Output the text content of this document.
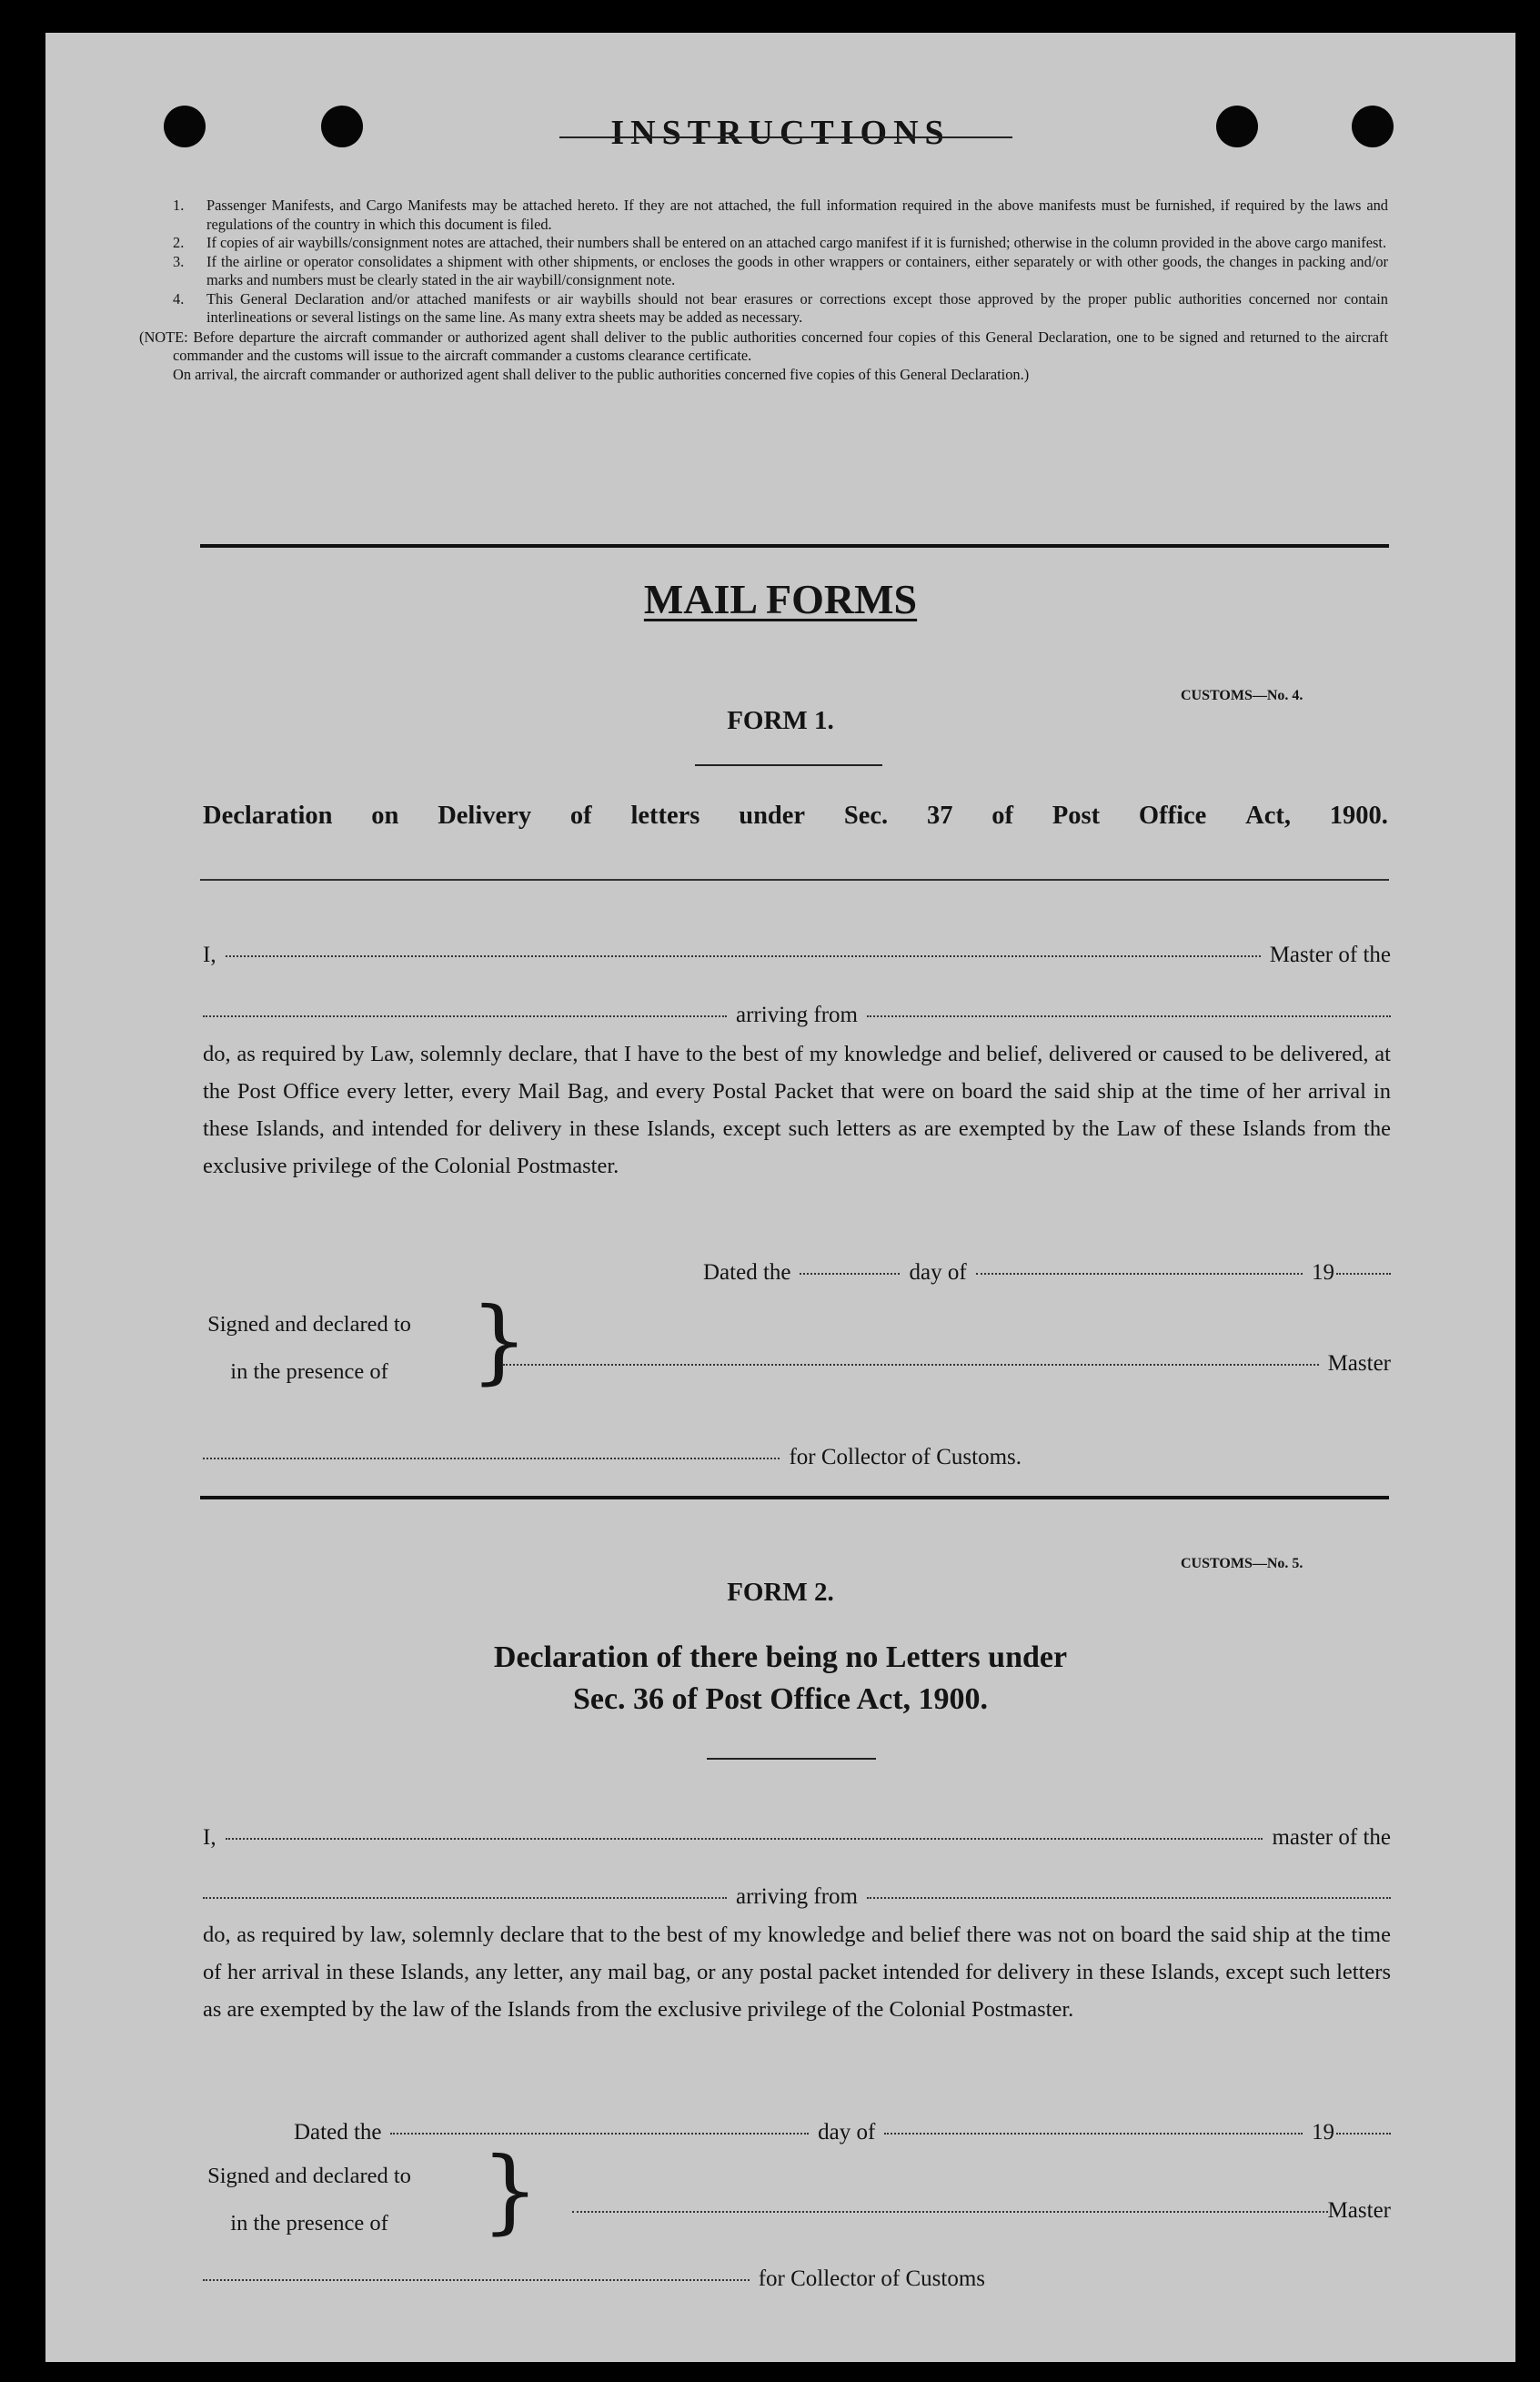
INSTRUCTIONS
1.	Passenger Manifests, and Cargo Manifests may be attached hereto. If they are not attached, the full information required in the above manifests must be furnished, if required by the laws and regulations of the country in which this document is filed.
2.	If copies of air waybills/consignment notes are attached, their numbers shall be entered on an attached cargo manifest if it is furnished; otherwise in the column provided in the above cargo manifest.
3.	If the airline or operator consolidates a shipment with other shipments, or encloses the goods in other wrappers or containers, either separately or with other goods, the changes in packing and/or marks and numbers must be clearly stated in the air waybill/consignment note.
4.	This General Declaration and/or attached manifests or air waybills should not bear erasures or corrections except those approved by the proper public authorities concerned nor contain interlineations or several listings on the same line. As many extra sheets may be added as necessary.
(NOTE: Before departure the aircraft commander or authorized agent shall deliver to the public authorities concerned four copies of this General Declaration, one to be signed and returned to the aircraft commander and the customs will issue to the aircraft commander a customs clearance certificate.
On arrival, the aircraft commander or authorized agent shall deliver to the public authorities concerned five copies of this General Declaration.)
MAIL FORMS
CUSTOMS—No. 4.
FORM 1.
Declaration on Delivery of letters under Sec. 37 of Post Office Act, 1900.
I,	Master of the
arriving from
do, as required by Law, solemnly declare, that I have to the best of my knowledge and belief, delivered or caused to be delivered, at the Post Office every letter, every Mail Bag, and every Postal Packet that were on board the said ship at the time of her arrival in these Islands, and intended for delivery in these Islands, except such letters as are exempted by the Law of these Islands from the exclusive privilege of the Colonial Postmaster.
Dated the	day of	19
Signed and declared to
in the presence of }	Master
for Collector of Customs.
CUSTOMS—No. 5.
FORM 2.
Declaration of there being no Letters under
Sec. 36 of Post Office Act, 1900.
I,	master of the
arriving from
do, as required by law, solemnly declare that to the best of my knowledge and belief there was not on board the said ship at the time of her arrival in these Islands, any letter, any mail bag, or any postal packet intended for delivery in these Islands, except such letters as are exempted by the law of the Islands from the exclusive privilege of the Colonial Postmaster.
Dated the	day of	19
Signed and declared to
in the presence of	}	Master
for Collector of Customs
